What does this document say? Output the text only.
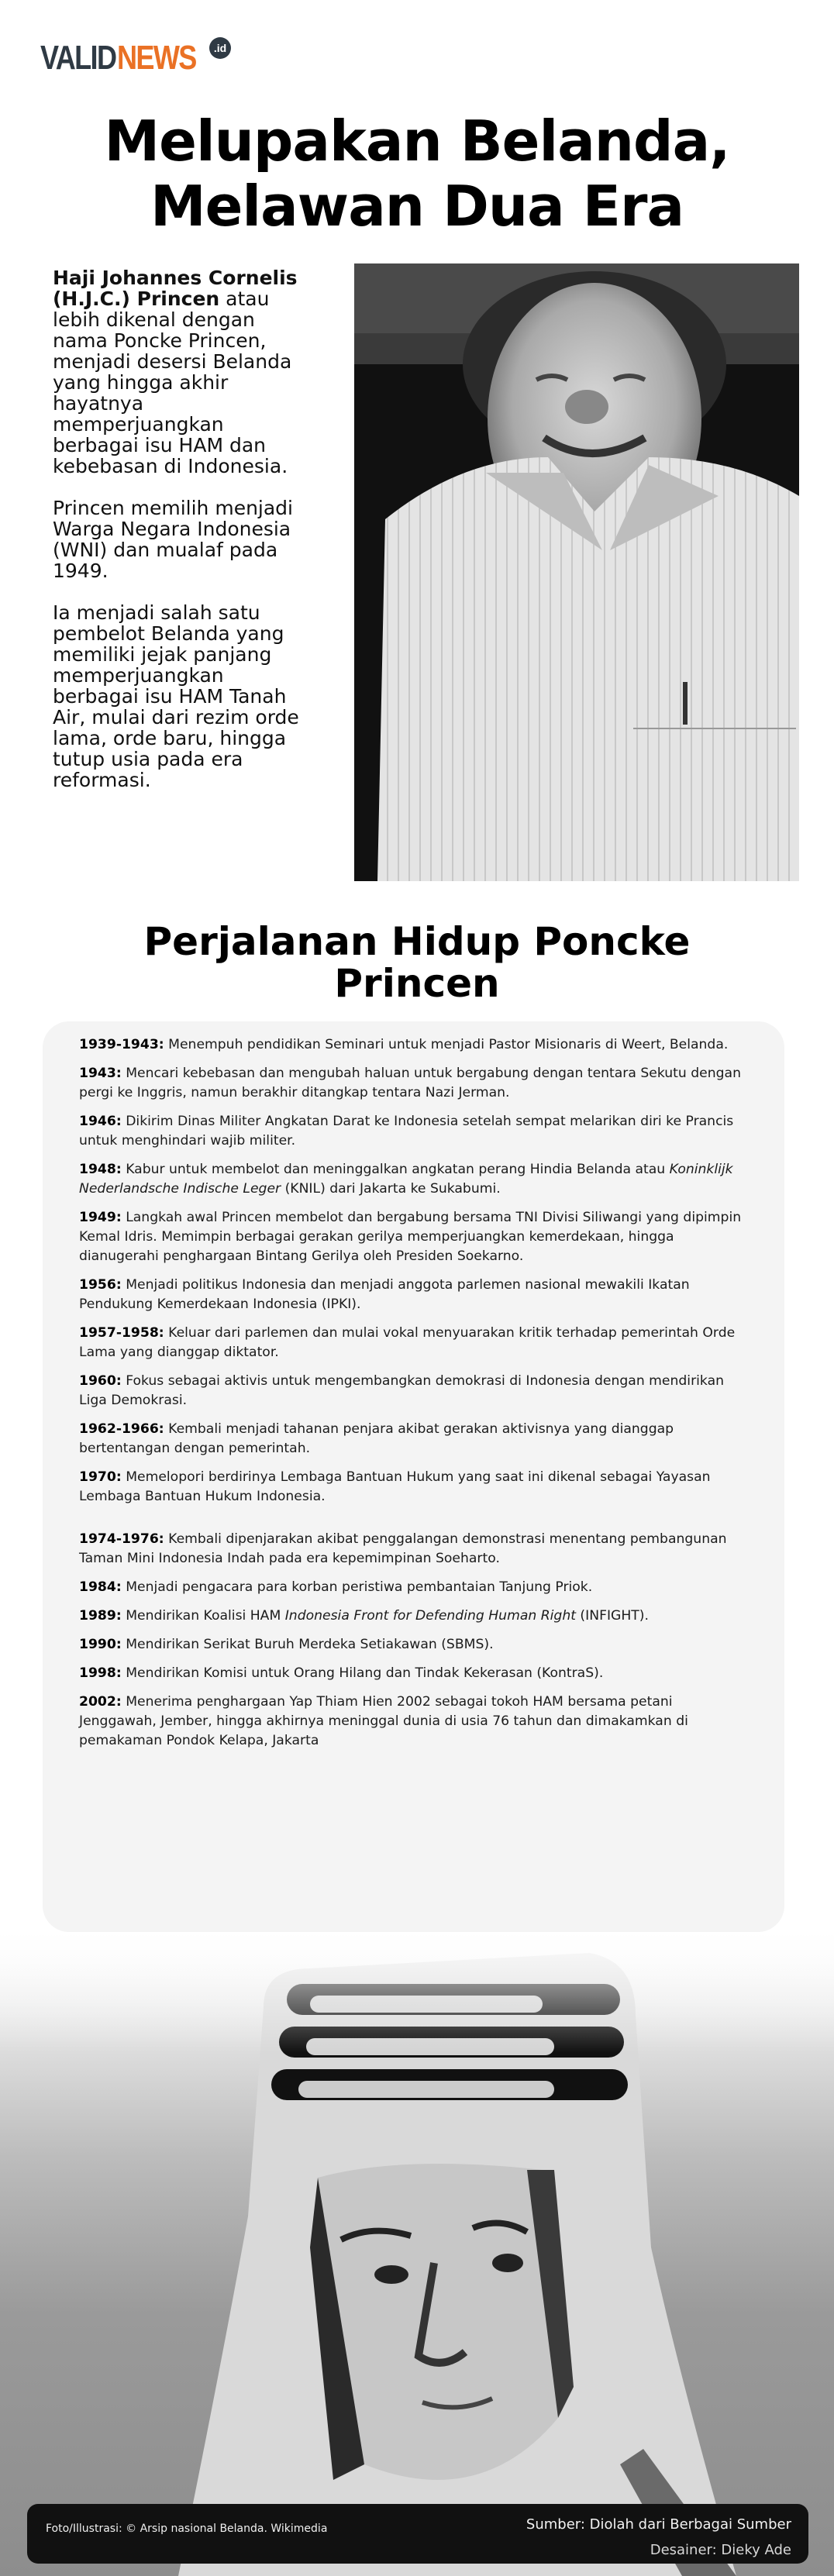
VALID NEWS	.id
Melupakan Belanda,
Melawan Dua Era

Haji Johannes Cornelis (H.J.C.) Princen atau lebih dikenal dengan nama Poncke Princen, menjadi desersi Belanda yang hingga akhir hayatnya memperjuangkan berbagai isu HAM dan kebebasan di Indonesia.

Princen memilih menjadi Warga Negara Indonesia (WNI) dan mualaf pada 1949.

Ia menjadi salah satu pembelot Belanda yang memiliki jejak panjang memperjuangkan berbagai isu HAM Tanah Air, mulai dari rezim orde lama, orde baru, hingga tutup usia pada era reformasi.

Perjalanan Hidup Poncke
Princen
1939-1943: Menempuh pendidikan Seminari untuk menjadi Pastor Misionaris di Weert, Belanda.
1943: Mencari kebebasan dan mengubah haluan untuk bergabung dengan tentara Sekutu dengan pergi ke Inggris, namun berakhir ditangkap tentara Nazi Jerman.
1946: Dikirim Dinas Militer Angkatan Darat ke Indonesia setelah sempat melarikan diri ke Prancis untuk menghindari wajib militer.
1948: Kabur untuk membelot dan meninggalkan angkatan perang Hindia Belanda atau Koninklijk Nederlandsche Indische Leger (KNIL) dari Jakarta ke Sukabumi.
1949: Langkah awal Princen membelot dan bergabung bersama TNI Divisi Siliwangi yang dipimpin Kemal Idris. Memimpin berbagai gerakan gerilya memperjuangkan kemerdekaan, hingga dianugerahi penghargaan Bintang Gerilya oleh Presiden Soekarno.
1956: Menjadi politikus Indonesia dan menjadi anggota parlemen nasional mewakili Ikatan Pendukung Kemerdekaan Indonesia (IPKI).
1957-1958: Keluar dari parlemen dan mulai vokal menyuarakan kritik terhadap pemerintah Orde Lama yang dianggap diktator.
1960: Fokus sebagai aktivis untuk mengembangkan demokrasi di Indonesia dengan mendirikan Liga Demokrasi.
1962-1966: Kembali menjadi tahanan penjara akibat gerakan aktivisnya yang dianggap bertentangan dengan pemerintah.
1970: Memelopori berdirinya Lembaga Bantuan Hukum yang saat ini dikenal sebagai Yayasan Lembaga Bantuan Hukum Indonesia.
1974-1976: Kembali dipenjarakan akibat penggalangan demonstrasi menentang pembangunan Taman Mini Indonesia Indah pada era kepemimpinan Soeharto.
1984: Menjadi pengacara para korban peristiwa pembantaian Tanjung Priok.
1989: Mendirikan Koalisi HAM Indonesia Front for Defending Human Right (INFIGHT).
1990: Mendirikan Serikat Buruh Merdeka Setiakawan (SBMS).
1998: Mendirikan Komisi untuk Orang Hilang dan Tindak Kekerasan (KontraS).
2002: Menerima penghargaan Yap Thiam Hien 2002 sebagai tokoh HAM bersama petani Jenggawah, Jember, hingga akhirnya meninggal dunia di usia 76 tahun dan dimakamkan di pemakaman Pondok Kelapa, Jakarta
Foto/Illustrasi: © Arsip nasional Belanda. Wikimedia	Sumber: Diolah dari Berbagai Sumber
Desainer: Dieky Ade
